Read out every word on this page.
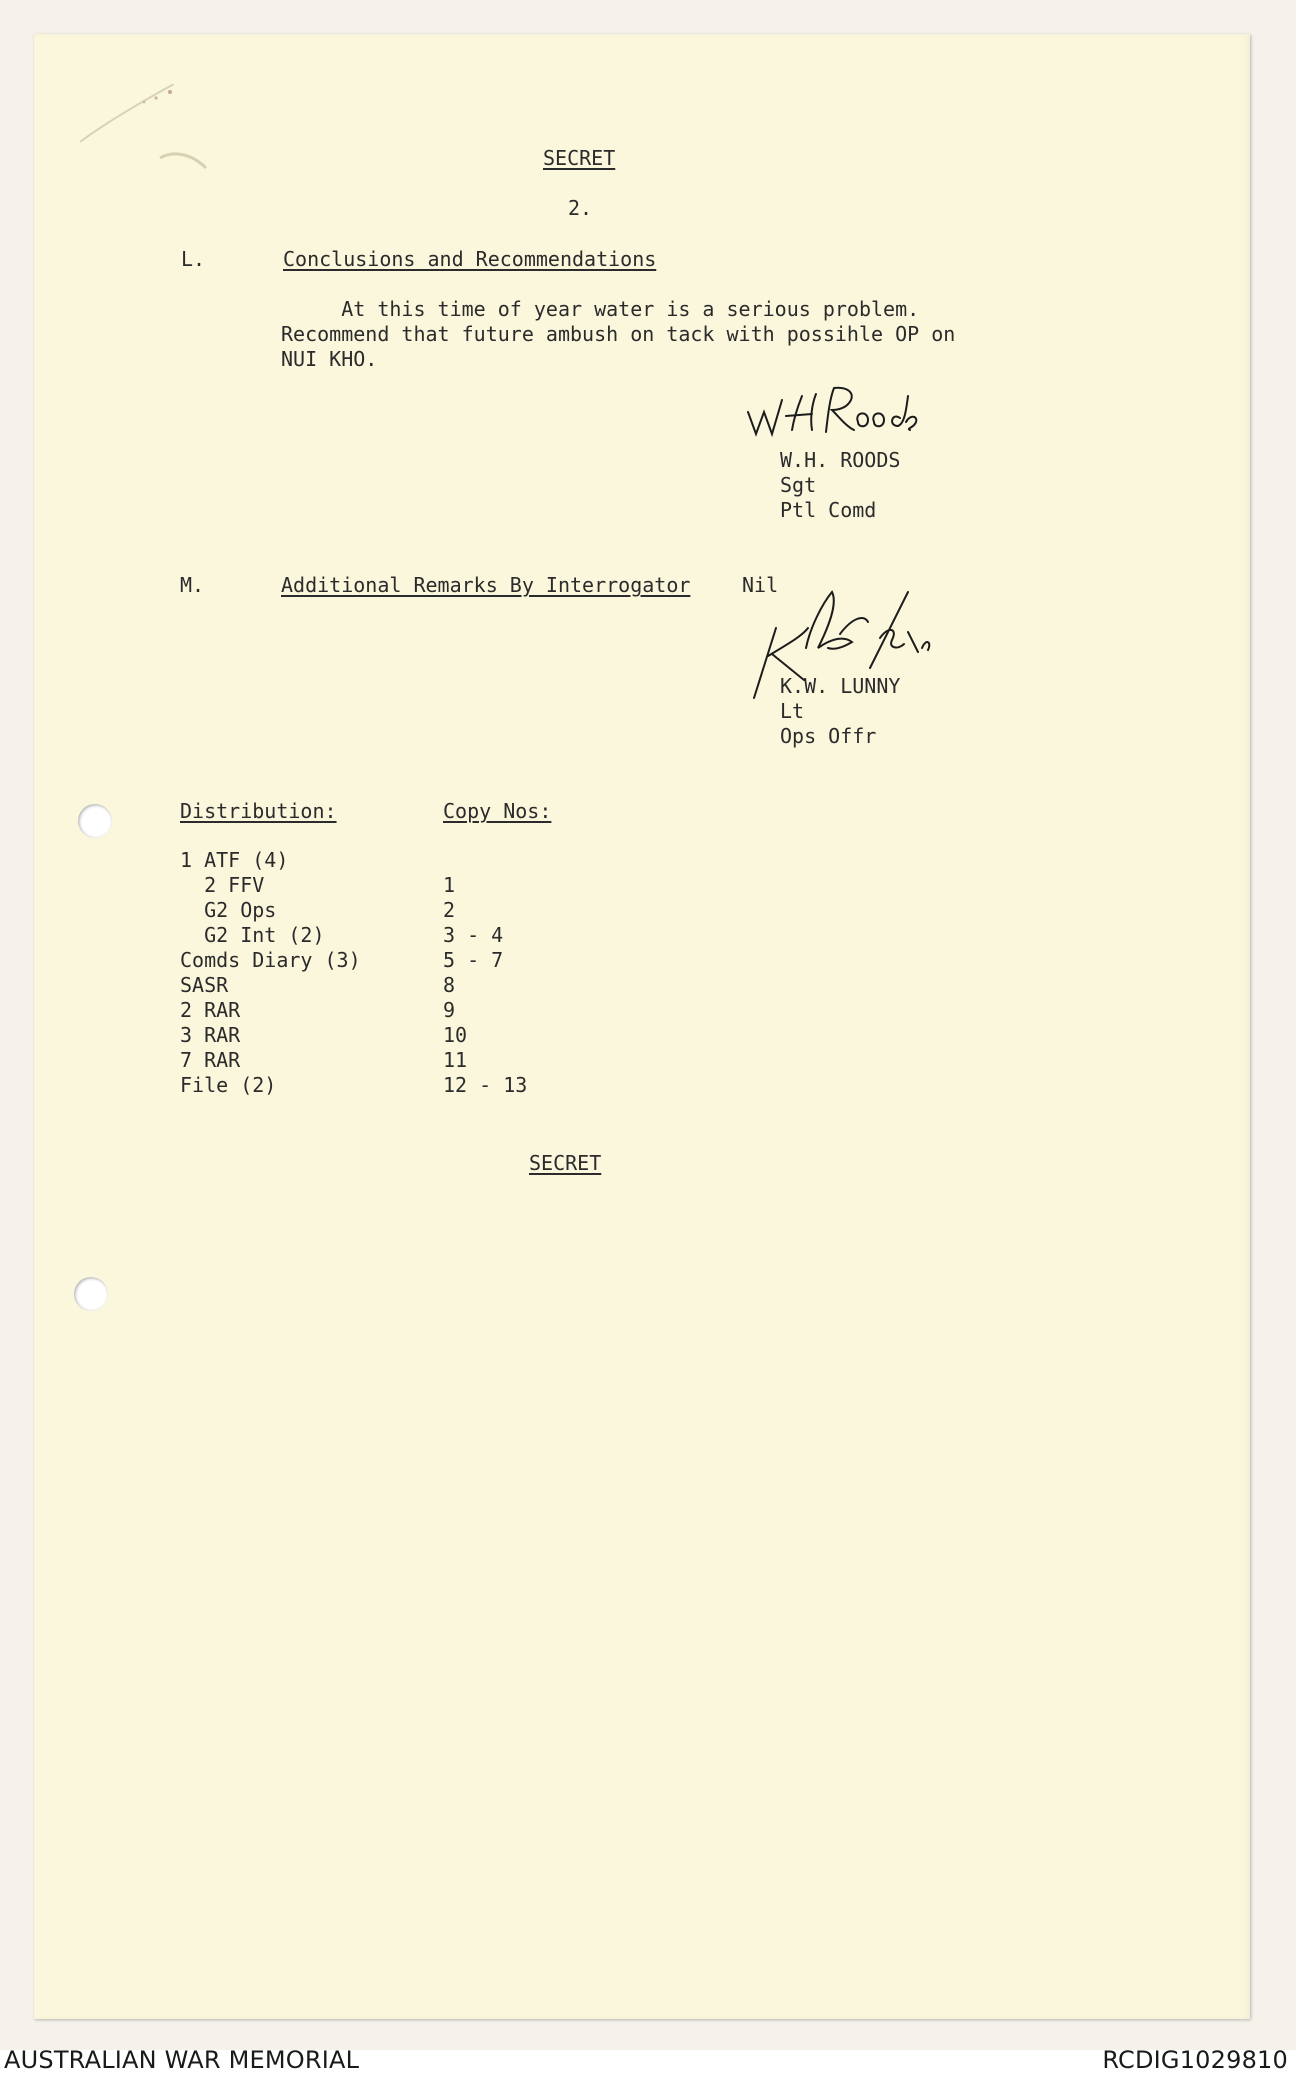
SECRET

2.

L.	Conclusions and Recommendations

At this time of year water is a serious problem.

Recommend that future ambush on tack with possihle OP on

NUI KHO.

W.H. ROODS

Sgt

Ptl Comd

M.	Additional Remarks By Interrogator	Nil

K.W. LUNNY

Lt

Ops Offr

Distribution:	Copy Nos:

1 ATF (4)	
2 FFV	1
G2 Ops	2
G2 Int (2)	3 - 4
Comds Diary (3)	5 - 7
SASR	8
2 RAR	9
3 RAR	10
7 RAR	11
File (2)	12 - 13

SECRET

AUSTRALIAN WAR MEMORIAL	RCDIG1029810
